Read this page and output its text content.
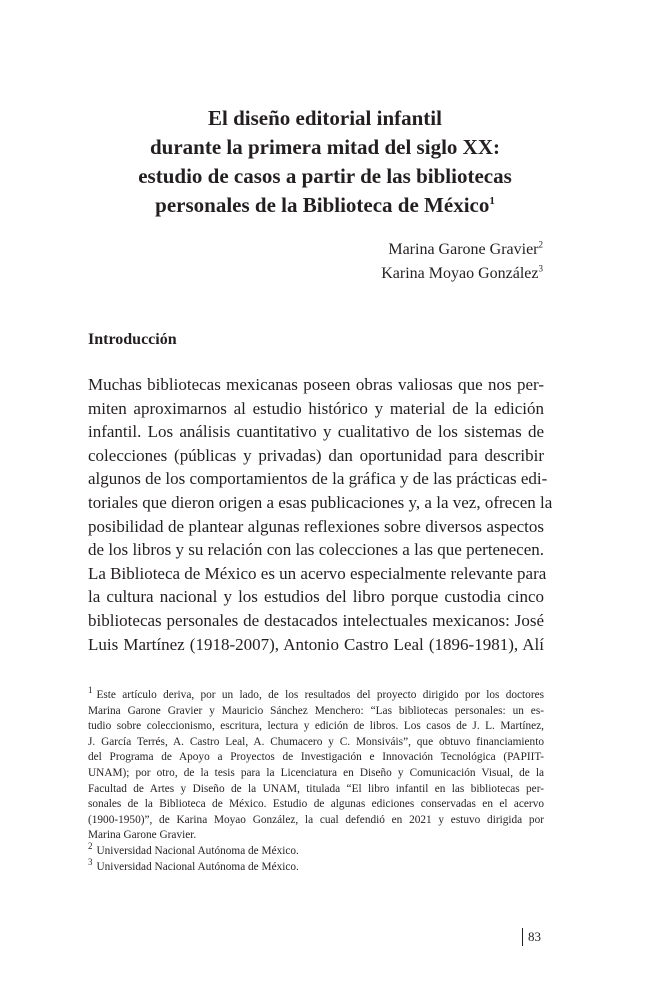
El diseño editorial infantil
durante la primera mitad del siglo XX:
estudio de casos a partir de las bibliotecas
personales de la Biblioteca de México$^1$
Marina Garone Gravier$^2$
Karina Moyao González$^3$
Introducción
Muchas bibliotecas mexicanas poseen obras valiosas que nos per-
miten aproximarnos al estudio histórico y material de la edición
infantil. Los análisis cuantitativo y cualitativo de los sistemas de
colecciones (públicas y privadas) dan oportunidad para describir
algunos de los comportamientos de la gráfica y de las prácticas edi-
toriales que dieron origen a esas publicaciones y, a la vez, ofrecen la
posibilidad de plantear algunas reflexiones sobre diversos aspectos
de los libros y su relación con las colecciones a las que pertenecen.
La Biblioteca de México es un acervo especialmente relevante para
la cultura nacional y los estudios del libro porque custodia cinco
bibliotecas personales de destacados intelectuales mexicanos: José
Luis Martínez (1918-2007), Antonio Castro Leal (1896-1981), Alí
$^1$ Este artículo deriva, por un lado, de los resultados del proyecto dirigido por los doctores
Marina Garone Gravier y Mauricio Sánchez Menchero: “Las bibliotecas personales: un es-
tudio sobre coleccionismo, escritura, lectura y edición de libros. Los casos de J. L. Martínez,
J. García Terrés, A. Castro Leal, A. Chumacero y C. Monsiváis”, que obtuvo financiamiento
del Programa de Apoyo a Proyectos de Investigación e Innovación Tecnológica (PAPIIT-
UNAM); por otro, de la tesis para la Licenciatura en Diseño y Comunicación Visual, de la
Facultad de Artes y Diseño de la UNAM, titulada “El libro infantil en las bibliotecas per-
sonales de la Biblioteca de México. Estudio de algunas ediciones conservadas en el acervo
(1900-1950)”, de Karina Moyao González, la cual defendió en 2021 y estuvo dirigida por
Marina Garone Gravier.
$^2$ Universidad Nacional Autónoma de México.
$^3$ Universidad Nacional Autónoma de México.
83
